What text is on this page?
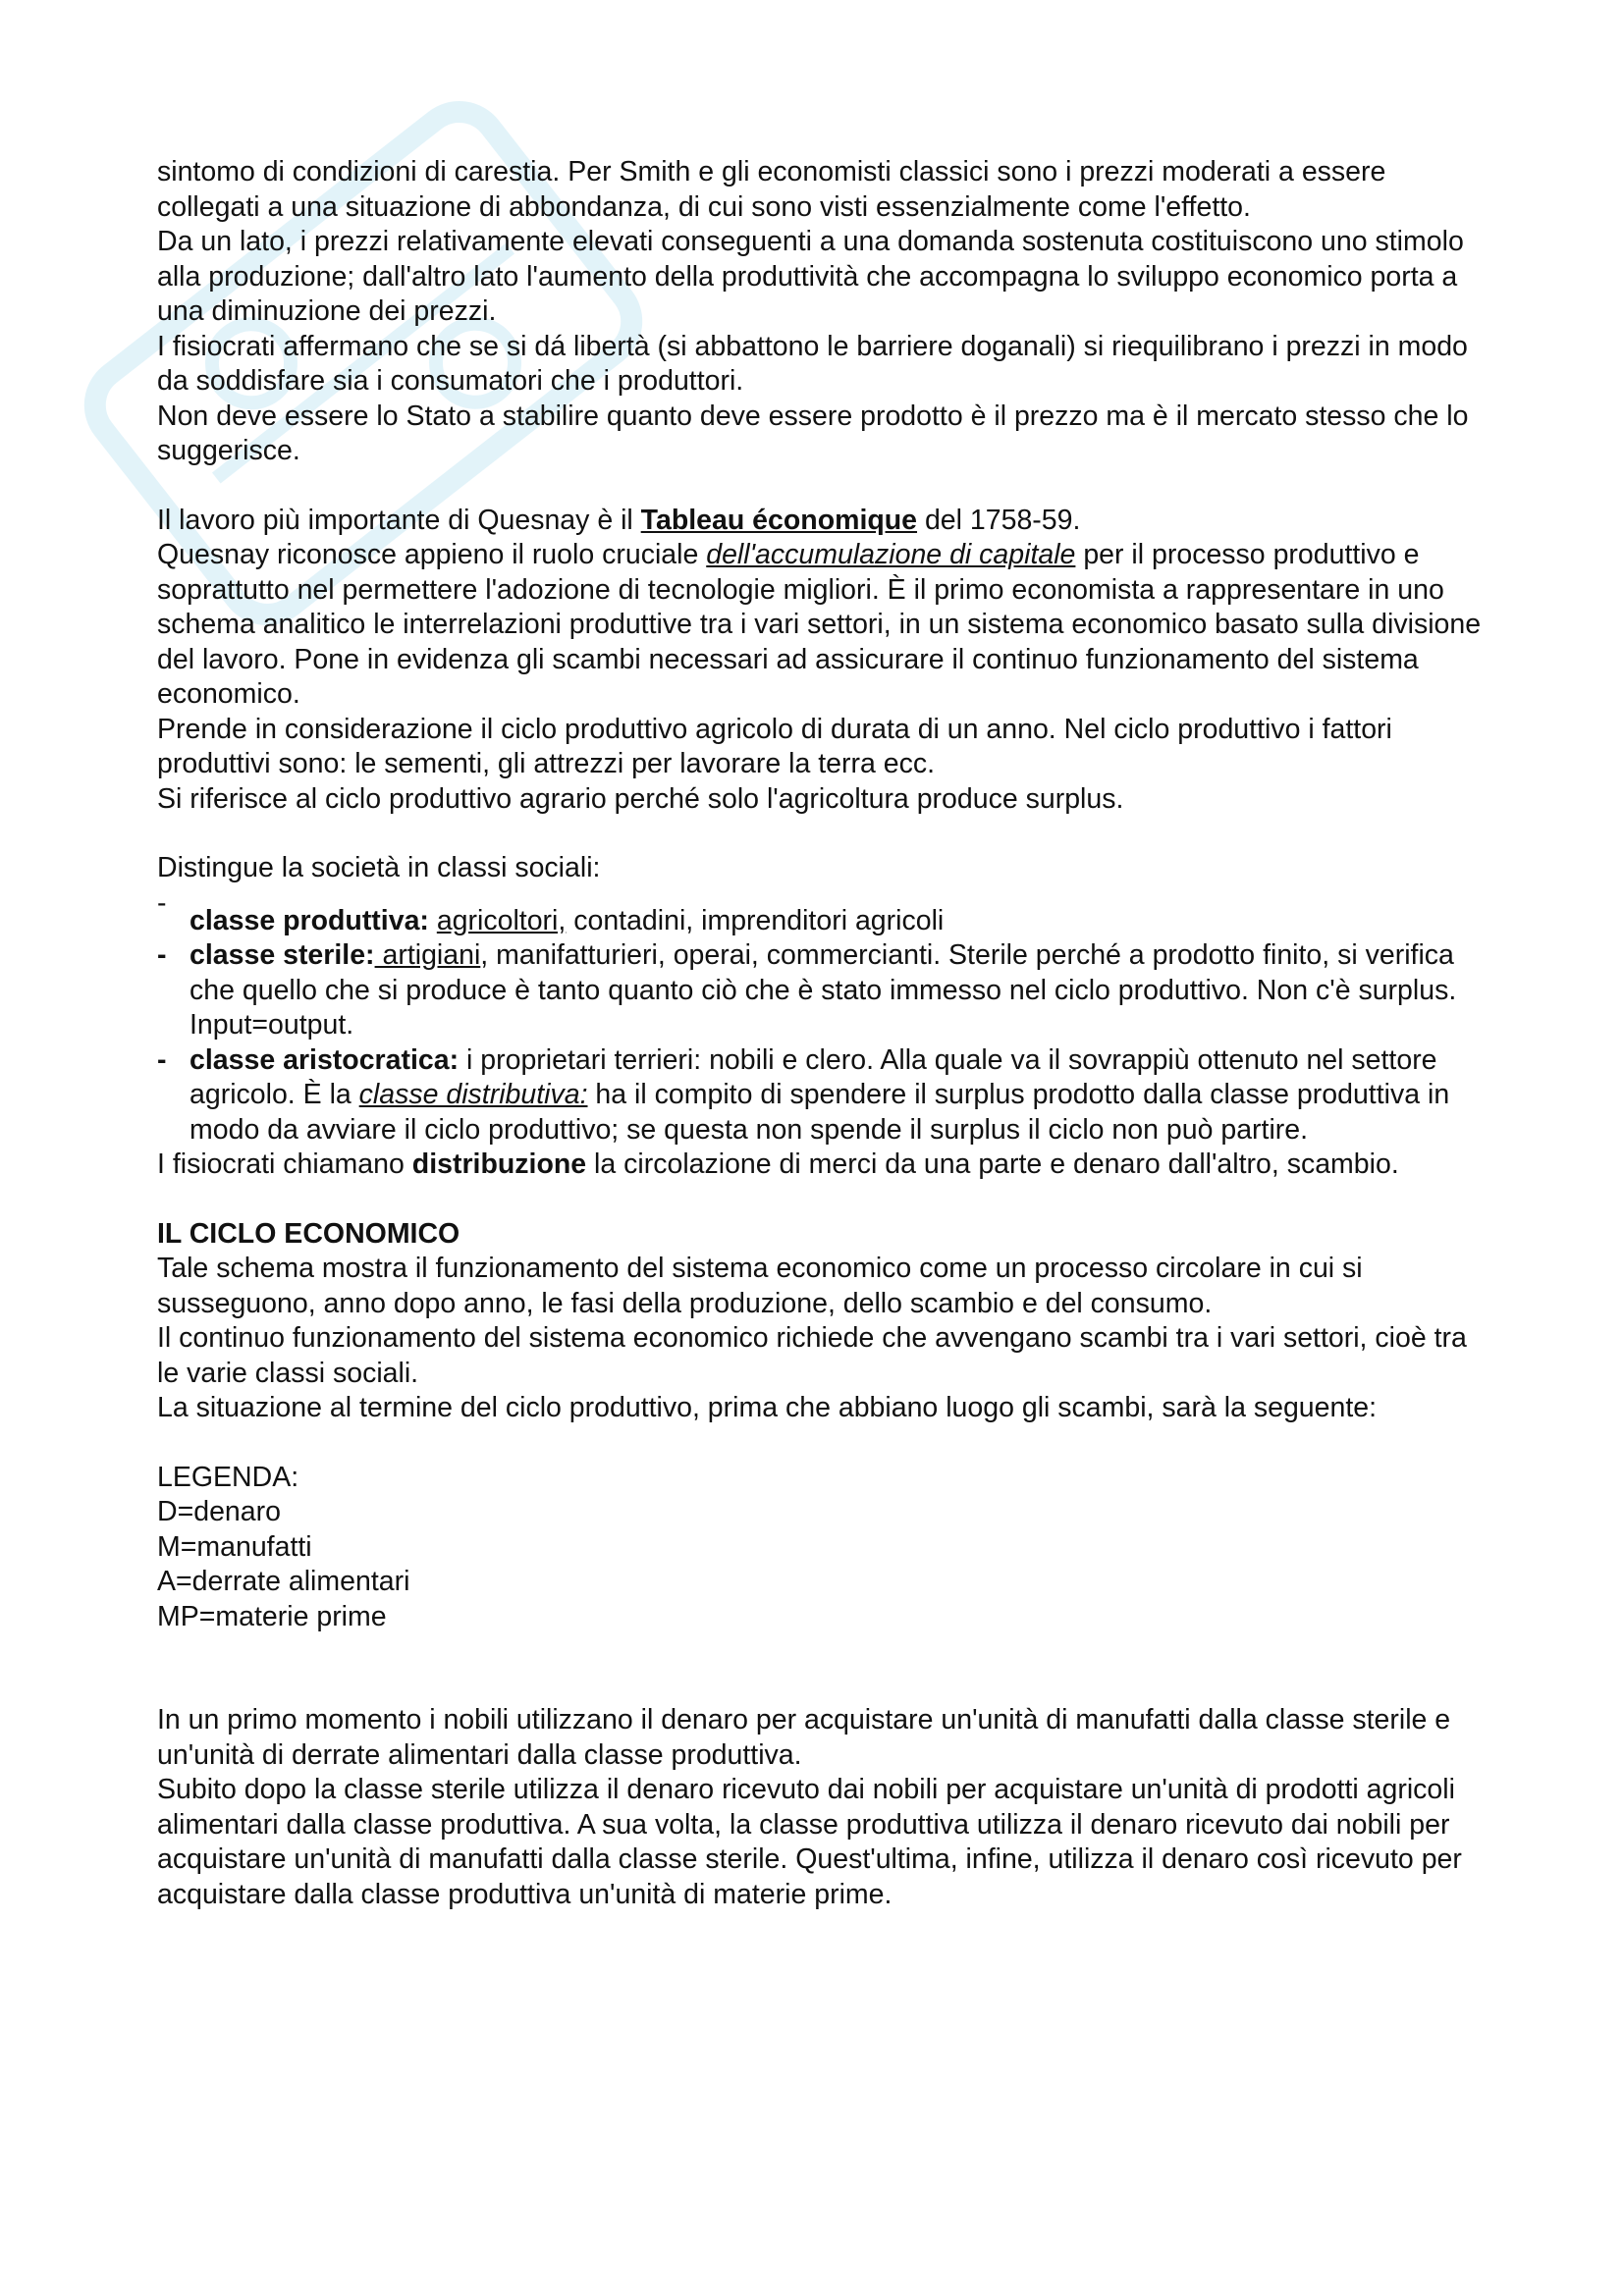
sintomo di condizioni di carestia. Per Smith e gli economisti classici sono i prezzi moderati a essere collegati a una situazione di abbondanza, di cui sono visti essenzialmente come l'effetto.

Da un lato, i prezzi relativamente elevati conseguenti a una domanda sostenuta costituiscono uno stimolo alla produzione; dall'altro lato l'aumento della produttività che accompagna lo sviluppo economico porta a una diminuzione dei prezzi.

I fisiocrati affermano che se si dá libertà (si abbattono le barriere doganali) si riequilibrano i prezzi in modo da soddisfare sia i consumatori che i produttori.

Non deve essere lo Stato a stabilire quanto deve essere prodotto è il prezzo ma è il mercato stesso che lo suggerisce.

Il lavoro più importante di Quesnay è il Tableau économique del 1758-59.

Quesnay riconosce appieno il ruolo cruciale dell'accumulazione di capitale per il processo produttivo e soprattutto nel permettere l'adozione di tecnologie migliori. È il primo economista a rappresentare in uno schema analitico le interrelazioni produttive tra i vari settori, in un sistema economico basato sulla divisione del lavoro. Pone in evidenza gli scambi necessari ad assicurare il continuo funzionamento del sistema economico.

Prende in considerazione il ciclo produttivo agricolo di durata di un anno. Nel ciclo produttivo i fattori produttivi sono: le sementi, gli attrezzi per lavorare la terra ecc.

Si riferisce al ciclo produttivo agrario perché solo l'agricoltura produce surplus.

Distingue la società in classi sociali:

-
classe produttiva: agricoltori, contadini, imprenditori agricoli
- classe sterile: artigiani, manifatturieri, operai, commercianti. Sterile perché a prodotto finito, si verifica che quello che si produce è tanto quanto ciò che è stato immesso nel ciclo produttivo. Non c'è surplus. Input=output.
- classe aristocratica: i proprietari terrieri: nobili e clero. Alla quale va il sovrappiù ottenuto nel settore agricolo. È la classe distributiva: ha il compito di spendere il surplus prodotto dalla classe produttiva in modo da avviare il ciclo produttivo; se questa non spende il surplus il ciclo non può partire.

I fisiocrati chiamano distribuzione la circolazione di merci da una parte e denaro dall'altro, scambio.

IL CICLO ECONOMICO

Tale schema mostra il funzionamento del sistema economico come un processo circolare in cui si susseguono, anno dopo anno, le fasi della produzione, dello scambio e del consumo.

Il continuo funzionamento del sistema economico richiede che avvengano scambi tra i vari settori, cioè tra le varie classi sociali.

La situazione al termine del ciclo produttivo, prima che abbiano luogo gli scambi, sarà la seguente:

LEGENDA:

D=denaro

M=manufatti

A=derrate alimentari

MP=materie prime

In un primo momento i nobili utilizzano il denaro per acquistare un'unità di manufatti dalla classe sterile e un'unità di derrate alimentari dalla classe produttiva.

Subito dopo la classe sterile utilizza il denaro ricevuto dai nobili per acquistare un'unità di prodotti agricoli alimentari dalla classe produttiva. A sua volta, la classe produttiva utilizza il denaro ricevuto dai nobili per acquistare un'unità di manufatti dalla classe sterile. Quest'ultima, infine, utilizza il denaro così ricevuto per acquistare dalla classe produttiva un'unità di materie prime.
